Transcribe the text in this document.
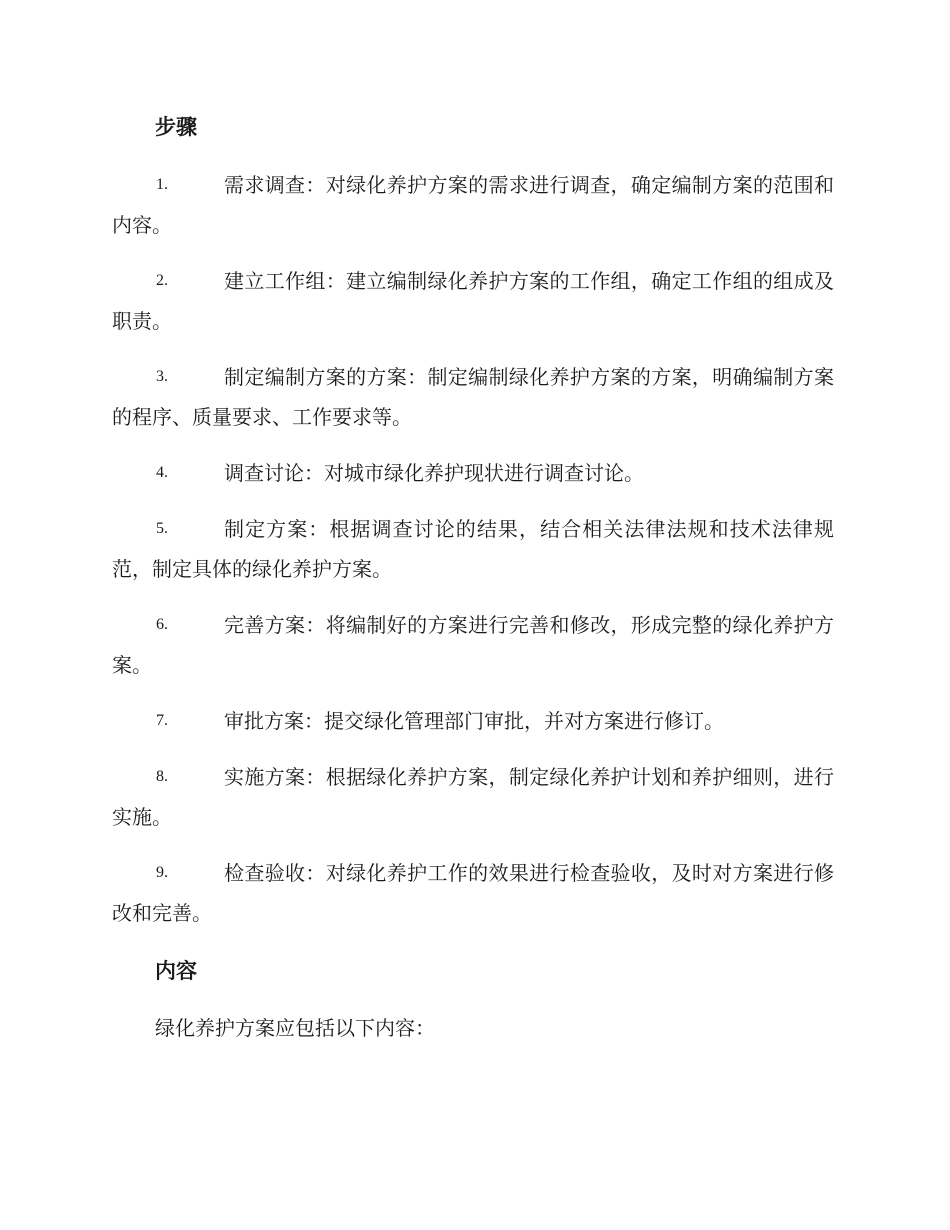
步骤
1.	需求调查：对绿化养护方案的需求进行调查，确定编制方案的范围和内容。
2.	建立工作组：建立编制绿化养护方案的工作组，确定工作组的组成及职责。
3.	制定编制方案的方案：制定编制绿化养护方案的方案，明确编制方案的程序、质量要求、工作要求等。
4.	调查讨论：对城市绿化养护现状进行调查讨论。
5.	制定方案：根据调查讨论的结果，结合相关法律法规和技术法律规范，制定具体的绿化养护方案。
6.	完善方案：将编制好的方案进行完善和修改，形成完整的绿化养护方案。
7.	审批方案：提交绿化管理部门审批，并对方案进行修订。
8.	实施方案：根据绿化养护方案，制定绿化养护计划和养护细则，进行实施。
9.	检查验收：对绿化养护工作的效果进行检查验收，及时对方案进行修改和完善。
内容

绿化养护方案应包括以下内容：
